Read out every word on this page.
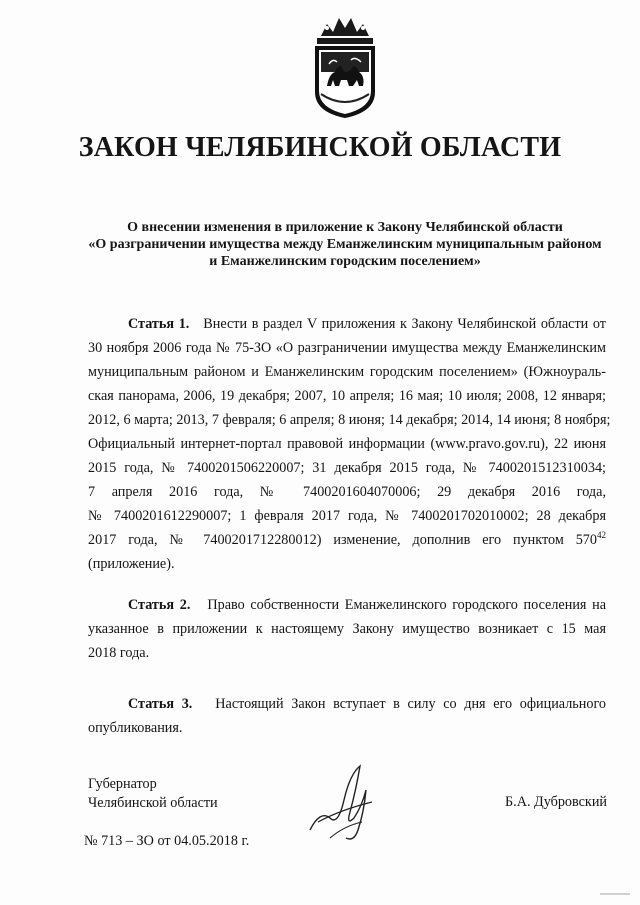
ЗАКОН ЧЕЛЯБИНСКОЙ ОБЛАСТИ
О внесении изменения в приложение к Закону Челябинской области
«О разграничении имущества между Еманжелинским муниципальным районом
и Еманжелинским городским поселением»
Статья 1. Внести в раздел V приложения к Закону Челябинской области от
30 ноября 2006 года № 75-ЗО «О разграничении имущества между Еманжелинским
муниципальным районом и Еманжелинским городским поселением» (Южноураль-
ская панорама, 2006, 19 декабря; 2007, 10 апреля; 16 мая; 10 июля; 2008, 12 января;
2012, 6 марта; 2013, 7 февраля; 6 апреля; 8 июня; 14 декабря; 2014, 14 июня; 8 ноября;
Официальный интернет-портал правовой информации (www.pravo.gov.ru), 22 июня
2015 года, № 7400201506220007; 31 декабря 2015 года, № 7400201512310034;
7 апреля 2016 года, № 7400201604070006; 29 декабря 2016 года,
№ 7400201612290007; 1 февраля 2017 года, № 7400201702010002; 28 декабря
2017 года, № 7400201712280012) изменение, дополнив его пунктом $570^{42}$
(приложение).
Статья 2. Право собственности Еманжелинского городского поселения на
указанное в приложении к настоящему Закону имущество возникает с 15 мая
2018 года.
Статья 3. Настоящий Закон вступает в силу со дня его официального
опубликования.
Губернатор
Челябинской области	Б.А. Дубровский
№ 713 – ЗО от 04.05.2018 г.
